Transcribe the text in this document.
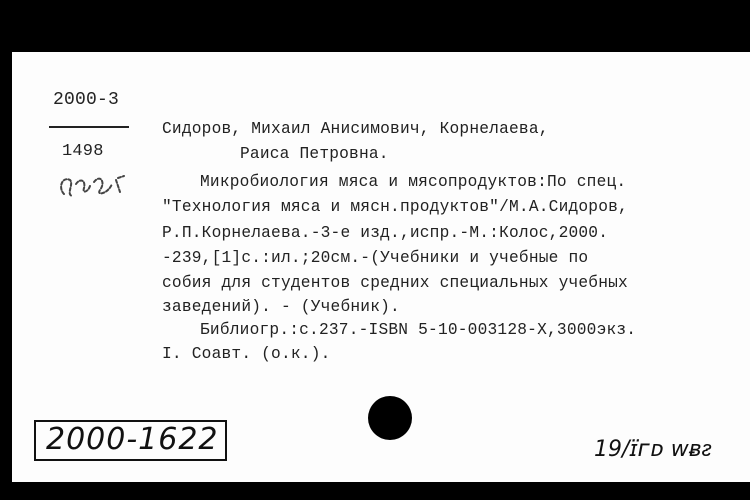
2000-3
1498
Сидоров, Михаил Анисимович, Корнелаева,
Раиса Петровна.
Микробиология мяса и мясопродуктов:По спец.
"Технология мяса и мясн.продуктов"/М.А.Сидоров,
Р.П.Корнелаева.-3-е изд.,испр.-М.:Колос,2000.
-239,[1]с.:ил.;20см.-(Учебники и учебные по
собия для студентов средних специальных учебных
заведений). - (Учебник).
Библиогр.:с.237.-ISBN 5-10-003128-Х,3000экз.
I. Соавт. (о.к.).
2000-1622	19/ɪ̈ᴦᴅ ᴡᴃᴤ
